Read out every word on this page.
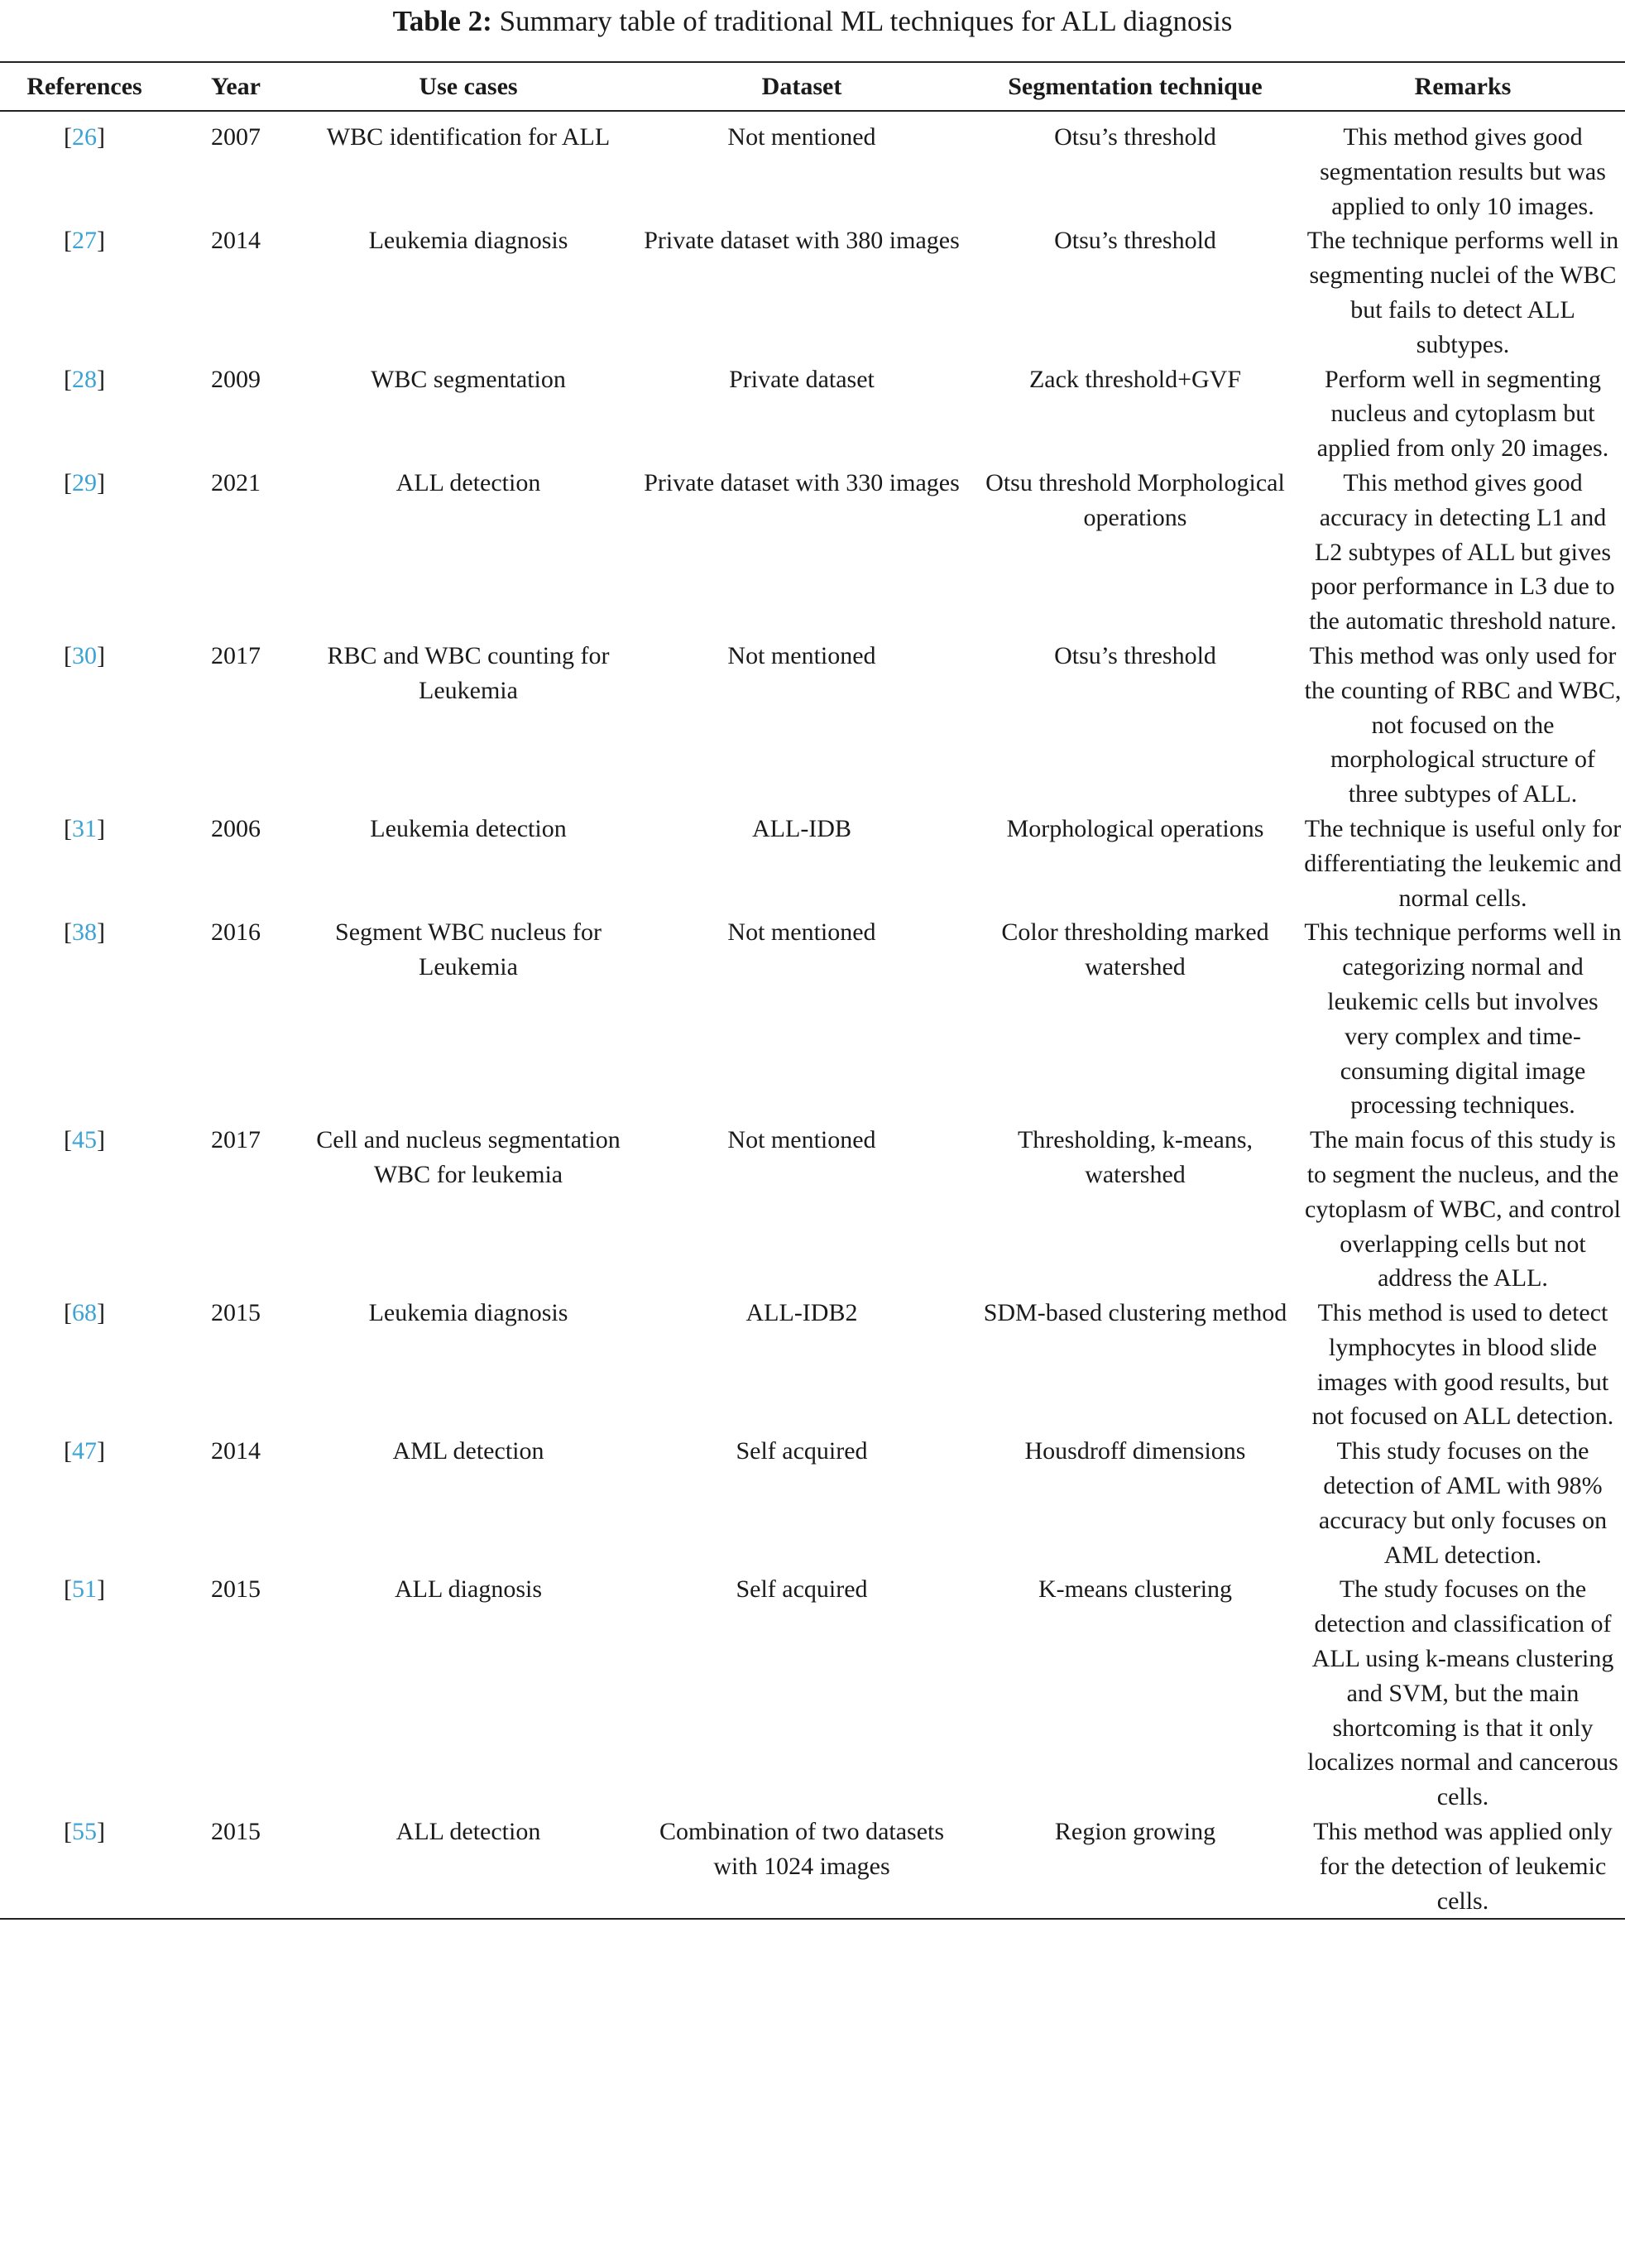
Table 2: Summary table of traditional ML techniques for ALL diagnosis
References	Year	Use cases	Dataset	Segmentation technique	Remarks
[26]	2007	WBC identification for ALL	Not mentioned	Otsu’s threshold	This method gives good segmentation results but was applied to only 10 images.
[27]	2014	Leukemia diagnosis	Private dataset with 380 images	Otsu’s threshold	The technique performs well in segmenting nuclei of the WBC but fails to detect ALL subtypes.
[28]	2009	WBC segmentation	Private dataset	Zack threshold+GVF	Perform well in segmenting nucleus and cytoplasm but applied from only 20 images.
[29]	2021	ALL detection	Private dataset with 330 images	Otsu threshold Morphological operations	This method gives good accuracy in detecting L1 and L2 subtypes of ALL but gives poor performance in L3 due to the automatic threshold nature.
[30]	2017	RBC and WBC counting for Leukemia	Not mentioned	Otsu’s threshold	This method was only used for the counting of RBC and WBC, not focused on the morphological structure of three subtypes of ALL.
[31]	2006	Leukemia detection	ALL-IDB	Morphological operations	The technique is useful only for differentiating the leukemic and normal cells.
[38]	2016	Segment WBC nucleus for Leukemia	Not mentioned	Color thresholding marked watershed	This technique performs well in categorizing normal and leukemic cells but involves very complex and time-consuming digital image processing techniques.
[45]	2017	Cell and nucleus segmentation WBC for leukemia	Not mentioned	Thresholding, k-means, watershed	The main focus of this study is to segment the nucleus, and the cytoplasm of WBC, and control overlapping cells but not address the ALL.
[68]	2015	Leukemia diagnosis	ALL-IDB2	SDM-based clustering method	This method is used to detect lymphocytes in blood slide images with good results, but not focused on ALL detection.
[47]	2014	AML detection	Self acquired	Housdroff dimensions	This study focuses on the detection of AML with 98% accuracy but only focuses on AML detection.
[51]	2015	ALL diagnosis	Self acquired	K-means clustering	The study focuses on the detection and classification of ALL using k-means clustering and SVM, but the main shortcoming is that it only localizes normal and cancerous cells.
[55]	2015	ALL detection	Combination of two datasets with 1024 images	Region growing	This method was applied only for the detection of leukemic cells.
